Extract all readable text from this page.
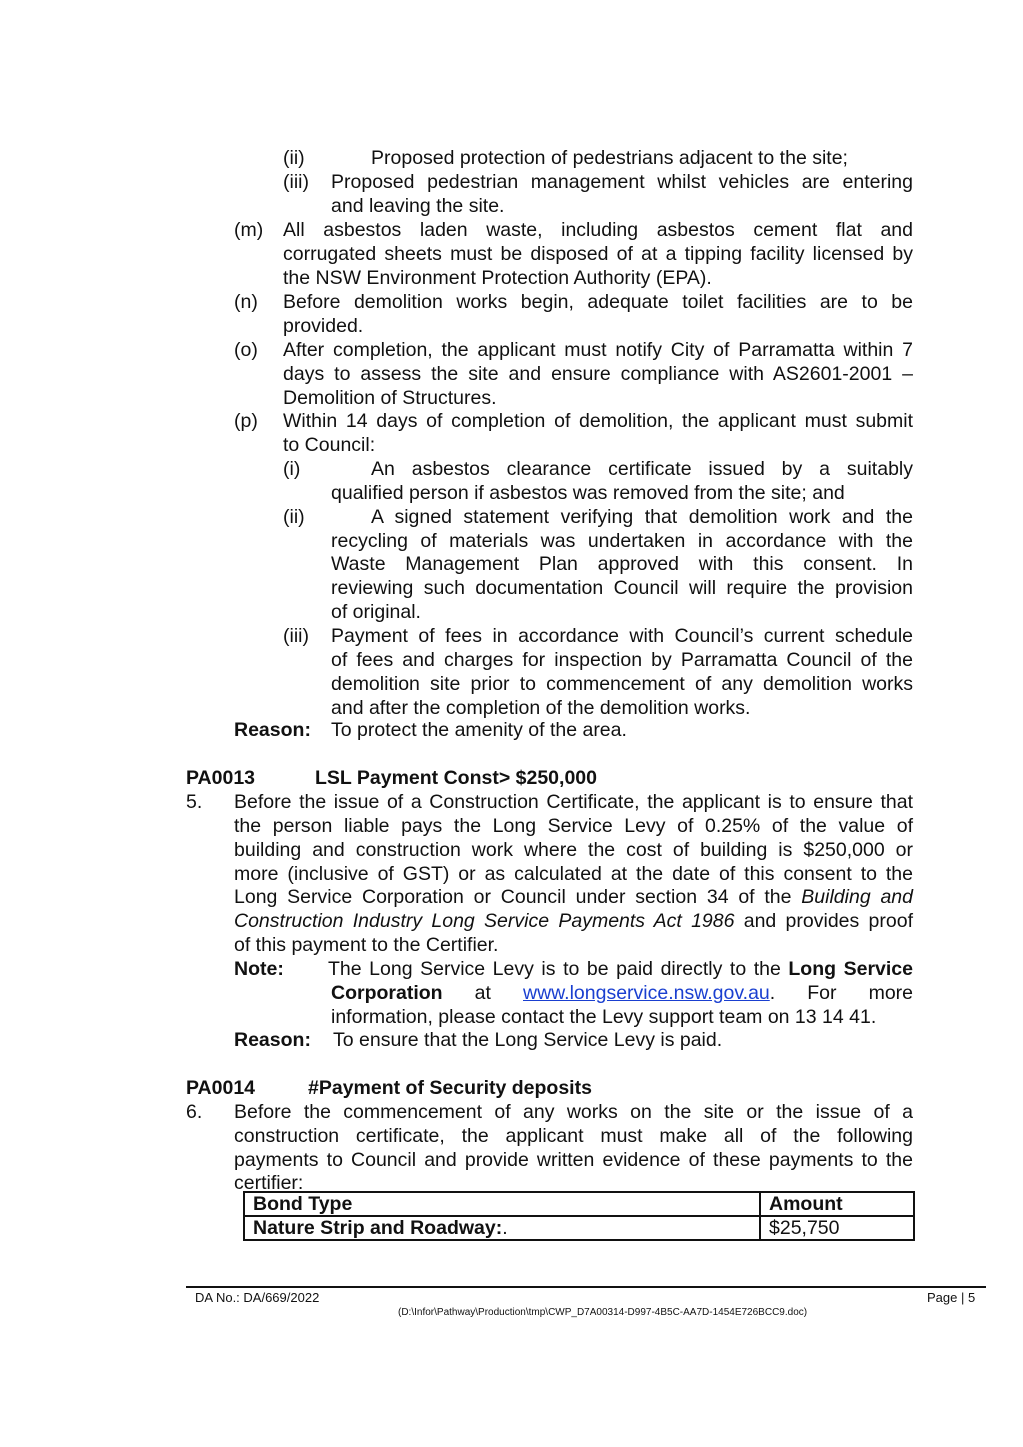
(ii)	Proposed protection of pedestrians adjacent to the site;
(iii) Proposed pedestrian management whilst vehicles are entering
and leaving the site.
(m) All asbestos laden waste, including asbestos cement flat and
corrugated sheets must be disposed of at a tipping facility licensed by
the NSW Environment Protection Authority (EPA).
(n) Before demolition works begin, adequate toilet facilities are to be
provided.
(o) After completion, the applicant must notify City of Parramatta within 7
days to assess the site and ensure compliance with AS2601-2001 –
Demolition of Structures.
(p) Within 14 days of completion of demolition, the applicant must submit
to Council:
(i)	An asbestos clearance certificate issued by a suitably
qualified person if asbestos was removed from the site; and
(ii)	A signed statement verifying that demolition work and the
recycling of materials was undertaken in accordance with the
Waste Management Plan approved with this consent. In
reviewing such documentation Council will require the provision
of original.
(iii) Payment of fees in accordance with Council’s current schedule
of fees and charges for inspection by Parramatta Council of the
demolition site prior to commencement of any demolition works
and after the completion of the demolition works.
Reason: To protect the amenity of the area.
PA0013	LSL Payment Const> $250,000
5. Before the issue of a Construction Certificate, the applicant is to ensure that
the person liable pays the Long Service Levy of 0.25% of the value of
building and construction work where the cost of building is $250,000 or
more (inclusive of GST) or as calculated at the date of this consent to the
Long Service Corporation or Council under section 34 of the Building and
Construction Industry Long Service Payments Act 1986 and provides proof
of this payment to the Certifier.
Note: The Long Service Levy is to be paid directly to the Long Service
Corporation at www.longservice.nsw.gov.au. For more
information, please contact the Levy support team on 13 14 41.
Reason: To ensure that the Long Service Levy is paid.
PA0014	#Payment of Security deposits
6. Before the commencement of any works on the site or the issue of a
construction certificate, the applicant must make all of the following
payments to Council and provide written evidence of these payments to the
certifier:
Bond Type	Amount
Nature Strip and Roadway:.	$25,750
DA No.: DA/669/2022	Page | 5
(D:\Infor\Pathway\Production\tmp\CWP_D7A00314-D997-4B5C-AA7D-1454E726BCC9.doc)
